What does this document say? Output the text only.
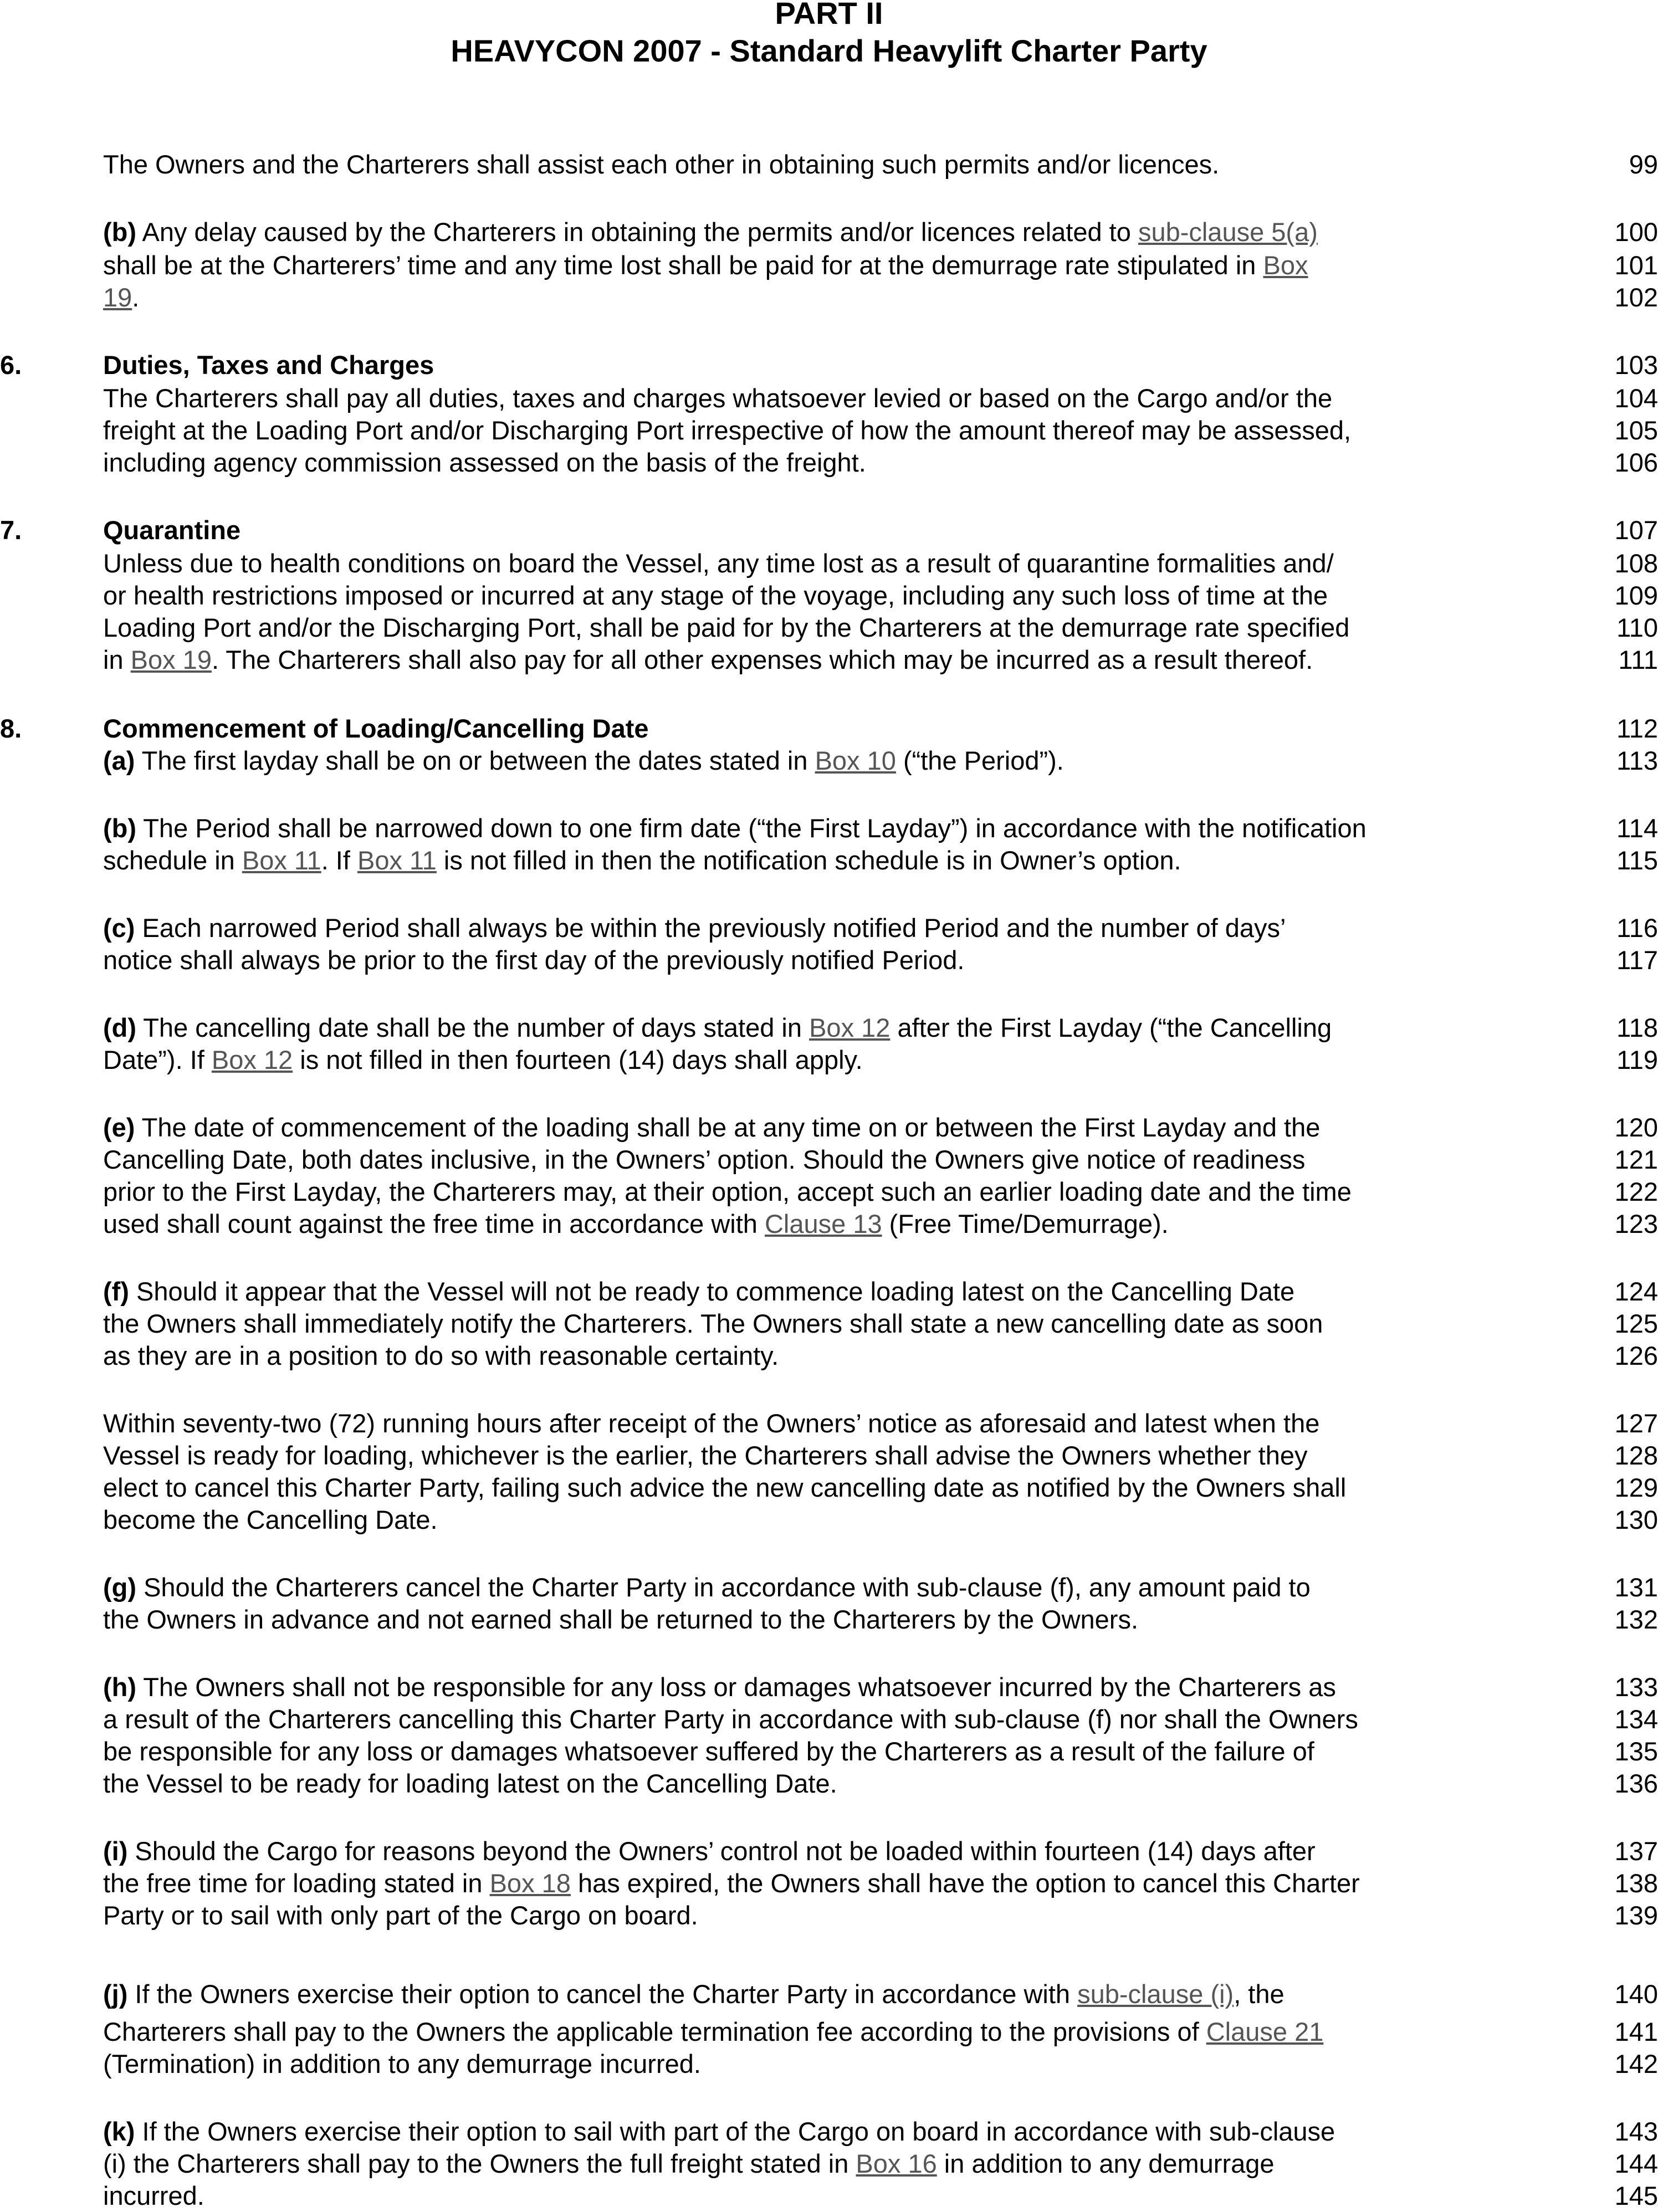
PART II
HEAVYCON 2007 - Standard Heavylift Charter Party
The Owners and the Charterers shall assist each other in obtaining such permits and/or licences.	99
(b) Any delay caused by the Charterers in obtaining the permits and/or licences related to sub-clause 5(a)	100
shall be at the Charterers’ time and any time lost shall be paid for at the demurrage rate stipulated in Box	101
19.	102
6.	Duties, Taxes and Charges	103
The Charterers shall pay all duties, taxes and charges whatsoever levied or based on the Cargo and/or the	104
freight at the Loading Port and/or Discharging Port irrespective of how the amount thereof may be assessed,	105
including agency commission assessed on the basis of the freight.	106
7.	Quarantine	107
Unless due to health conditions on board the Vessel, any time lost as a result of quarantine formalities and/	108
or health restrictions imposed or incurred at any stage of the voyage, including any such loss of time at the	109
Loading Port and/or the Discharging Port, shall be paid for by the Charterers at the demurrage rate specified	110
in Box 19. The Charterers shall also pay for all other expenses which may be incurred as a result thereof.	111
8.	Commencement of Loading/Cancelling Date	112
(a) The first layday shall be on or between the dates stated in Box 10 (“the Period”).	113
(b) The Period shall be narrowed down to one firm date (“the First Layday”) in accordance with the notification	114
schedule in Box 11. If Box 11 is not filled in then the notification schedule is in Owner’s option.	115
(c) Each narrowed Period shall always be within the previously notified Period and the number of days’	116
notice shall always be prior to the first day of the previously notified Period.	117
(d) The cancelling date shall be the number of days stated in Box 12 after the First Layday (“the Cancelling	118
Date”). If Box 12 is not filled in then fourteen (14) days shall apply.	119
(e) The date of commencement of the loading shall be at any time on or between the First Layday and the	120
Cancelling Date, both dates inclusive, in the Owners’ option. Should the Owners give notice of readiness	121
prior to the First Layday, the Charterers may, at their option, accept such an earlier loading date and the time	122
used shall count against the free time in accordance with Clause 13 (Free Time/Demurrage).	123
(f) Should it appear that the Vessel will not be ready to commence loading latest on the Cancelling Date	124
the Owners shall immediately notify the Charterers. The Owners shall state a new cancelling date as soon	125
as they are in a position to do so with reasonable certainty.	126
Within seventy-two (72) running hours after receipt of the Owners’ notice as aforesaid and latest when the	127
Vessel is ready for loading, whichever is the earlier, the Charterers shall advise the Owners whether they	128
elect to cancel this Charter Party, failing such advice the new cancelling date as notified by the Owners shall	129
become the Cancelling Date.	130
(g) Should the Charterers cancel the Charter Party in accordance with sub-clause (f), any amount paid to	131
the Owners in advance and not earned shall be returned to the Charterers by the Owners.	132
(h) The Owners shall not be responsible for any loss or damages whatsoever incurred by the Charterers as	133
a result of the Charterers cancelling this Charter Party in accordance with sub-clause (f) nor shall the Owners	134
be responsible for any loss or damages whatsoever suffered by the Charterers as a result of the failure of	135
the Vessel to be ready for loading latest on the Cancelling Date.	136
(i) Should the Cargo for reasons beyond the Owners’ control not be loaded within fourteen (14) days after	137
the free time for loading stated in Box 18 has expired, the Owners shall have the option to cancel this Charter	138
Party or to sail with only part of the Cargo on board.	139
(j) If the Owners exercise their option to cancel the Charter Party in accordance with sub-clause (i), the	140
Charterers shall pay to the Owners the applicable termination fee according to the provisions of Clause 21	141
(Termination) in addition to any demurrage incurred.	142
(k) If the Owners exercise their option to sail with part of the Cargo on board in accordance with sub-clause	143
(i) the Charterers shall pay to the Owners the full freight stated in Box 16 in addition to any demurrage	144
incurred.	145
